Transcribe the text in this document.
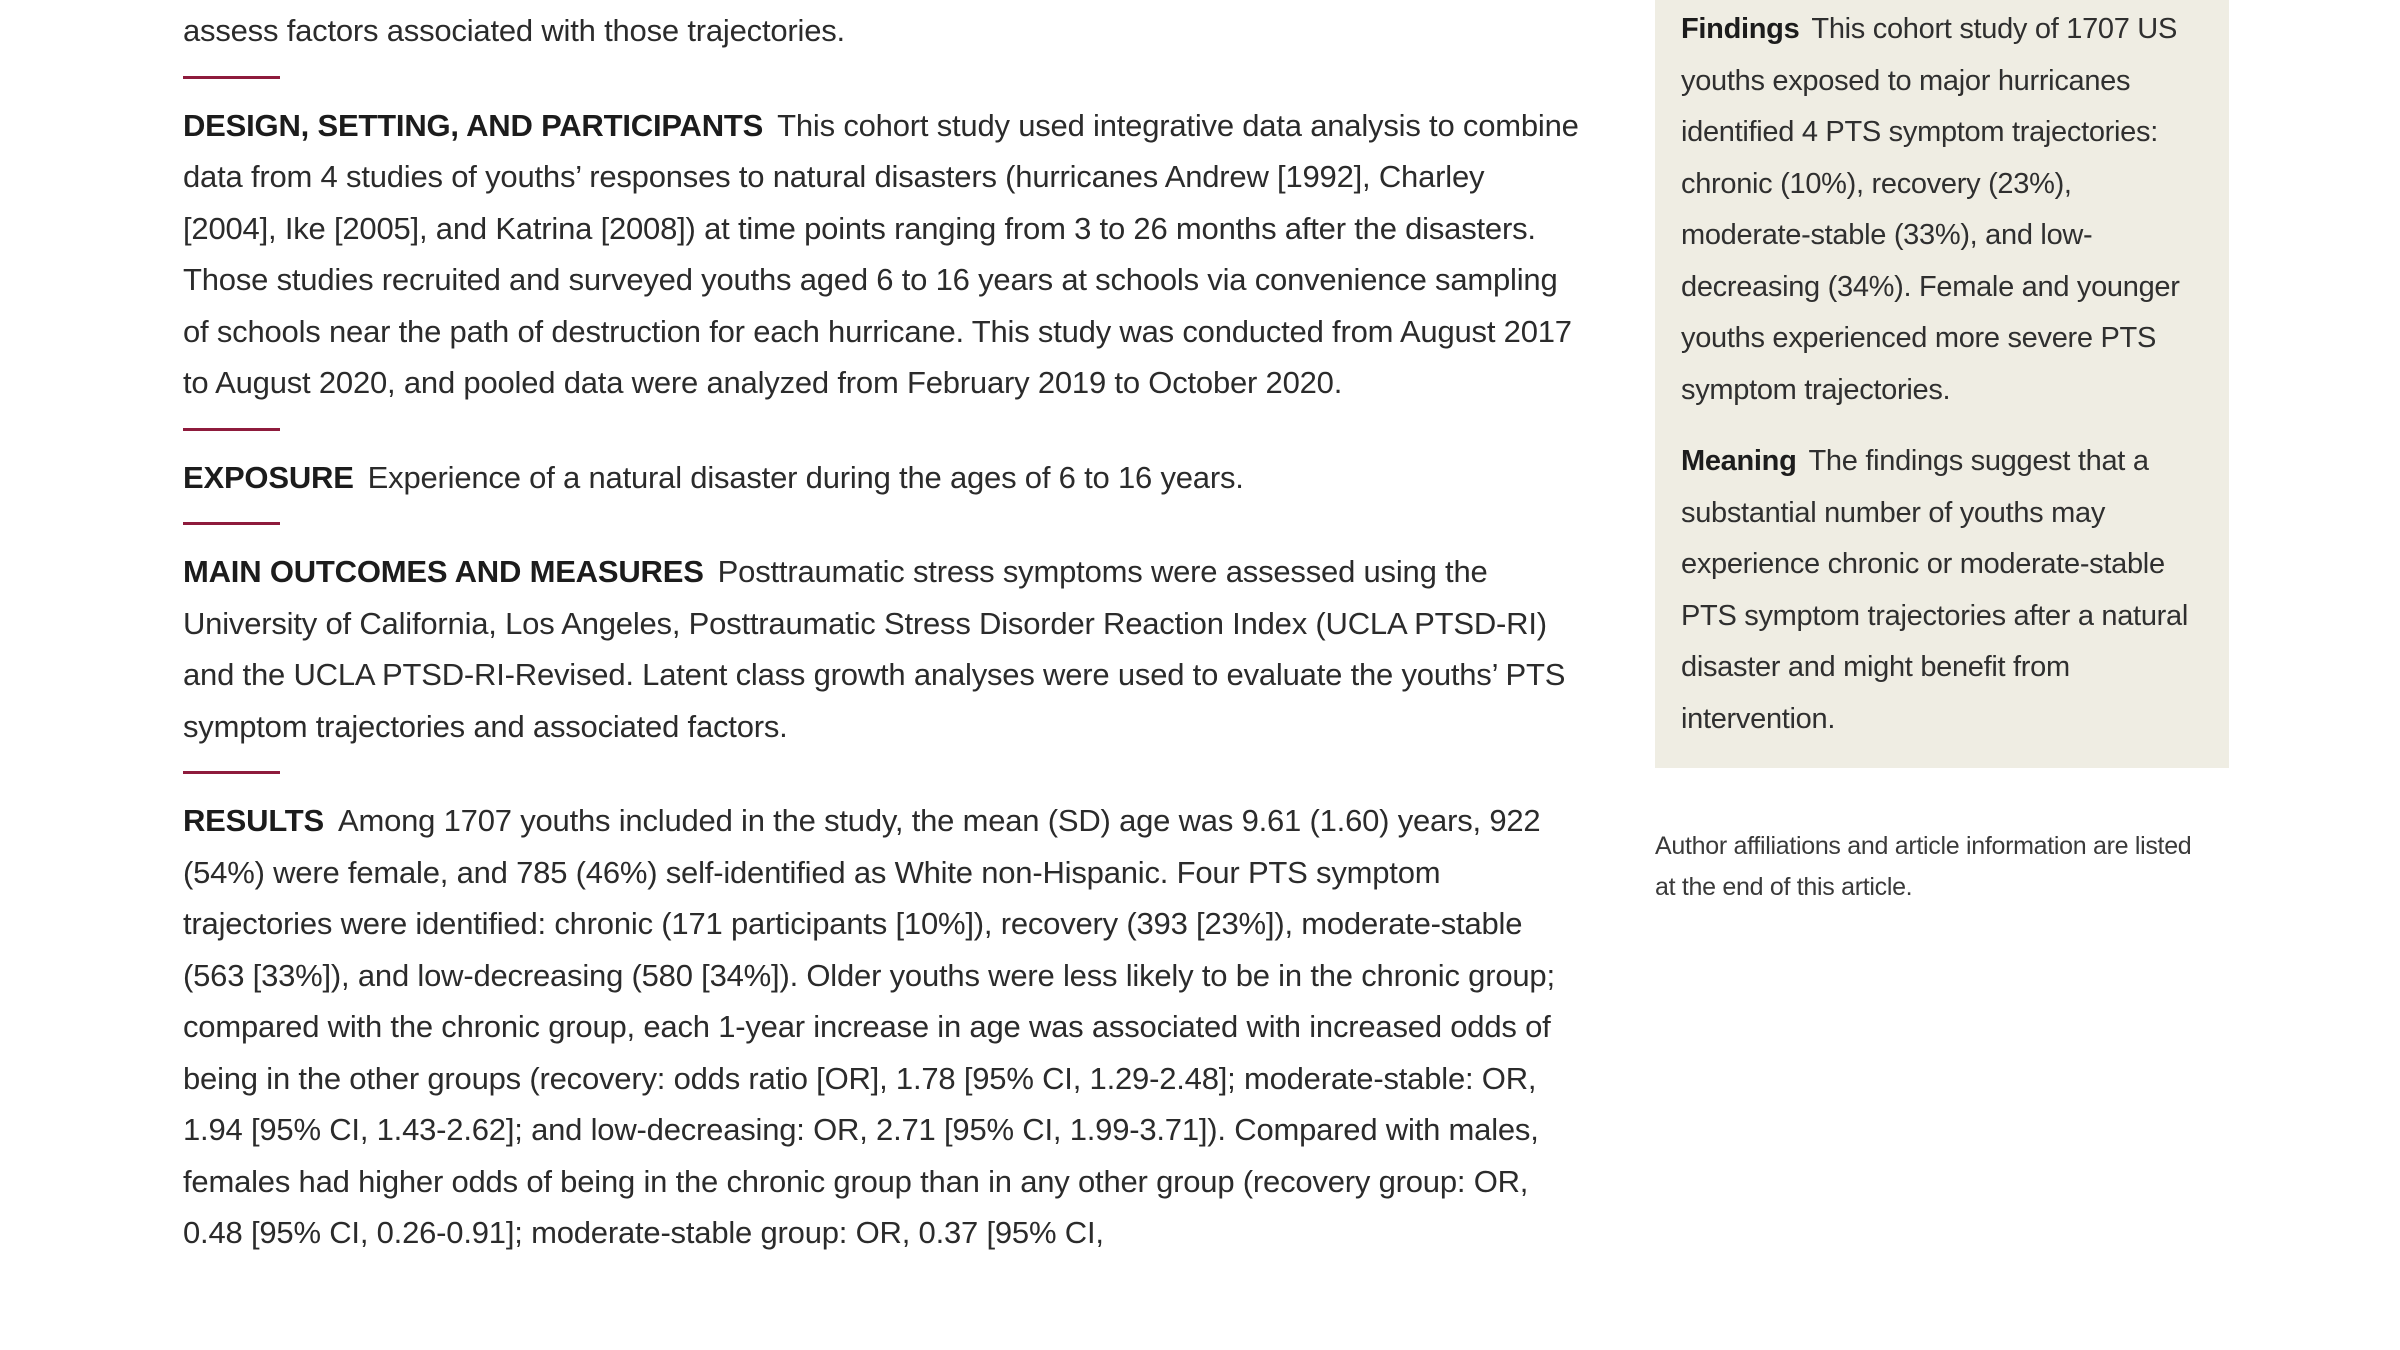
assess factors associated with those trajectories.

DESIGN, SETTING, AND PARTICIPANTS This cohort study used integrative data analysis to combine data from 4 studies of youths’ responses to natural disasters (hurricanes Andrew [1992], Charley [2004], Ike [2005], and Katrina [2008]) at time points ranging from 3 to 26 months after the disasters. Those studies recruited and surveyed youths aged 6 to 16 years at schools via convenience sampling of schools near the path of destruction for each hurricane. This study was conducted from August 2017 to August 2020, and pooled data were analyzed from February 2019 to October 2020.

EXPOSURE Experience of a natural disaster during the ages of 6 to 16 years.

MAIN OUTCOMES AND MEASURES Posttraumatic stress symptoms were assessed using the University of California, Los Angeles, Posttraumatic Stress Disorder Reaction Index (UCLA PTSD-RI) and the UCLA PTSD-RI-Revised. Latent class growth analyses were used to evaluate the youths’ PTS symptom trajectories and associated factors.

RESULTS Among 1707 youths included in the study, the mean (SD) age was 9.61 (1.60) years, 922 (54%) were female, and 785 (46%) self-identified as White non-Hispanic. Four PTS symptom trajectories were identified: chronic (171 participants [10%]), recovery (393 [23%]), moderate-stable (563 [33%]), and low-decreasing (580 [34%]). Older youths were less likely to be in the chronic group; compared with the chronic group, each 1-year increase in age was associated with increased odds of being in the other groups (recovery: odds ratio [OR], 1.78 [95% CI, 1.29-2.48]; moderate-stable: OR, 1.94 [95% CI, 1.43-2.62]; and low-decreasing: OR, 2.71 [95% CI, 1.99-3.71]). Compared with males, females had higher odds of being in the chronic group than in any other group (recovery group: OR, 0.48 [95% CI, 0.26-0.91]; moderate-stable group: OR, 0.37 [95% CI,

Findings This cohort study of 1707 US youths exposed to major hurricanes identified 4 PTS symptom trajectories: chronic (10%), recovery (23%), moderate-stable (33%), and low-decreasing (34%). Female and younger youths experienced more severe PTS symptom trajectories.

Meaning The findings suggest that a substantial number of youths may experience chronic or moderate-stable PTS symptom trajectories after a natural disaster and might benefit from intervention.

Author affiliations and article information are listed at the end of this article.
